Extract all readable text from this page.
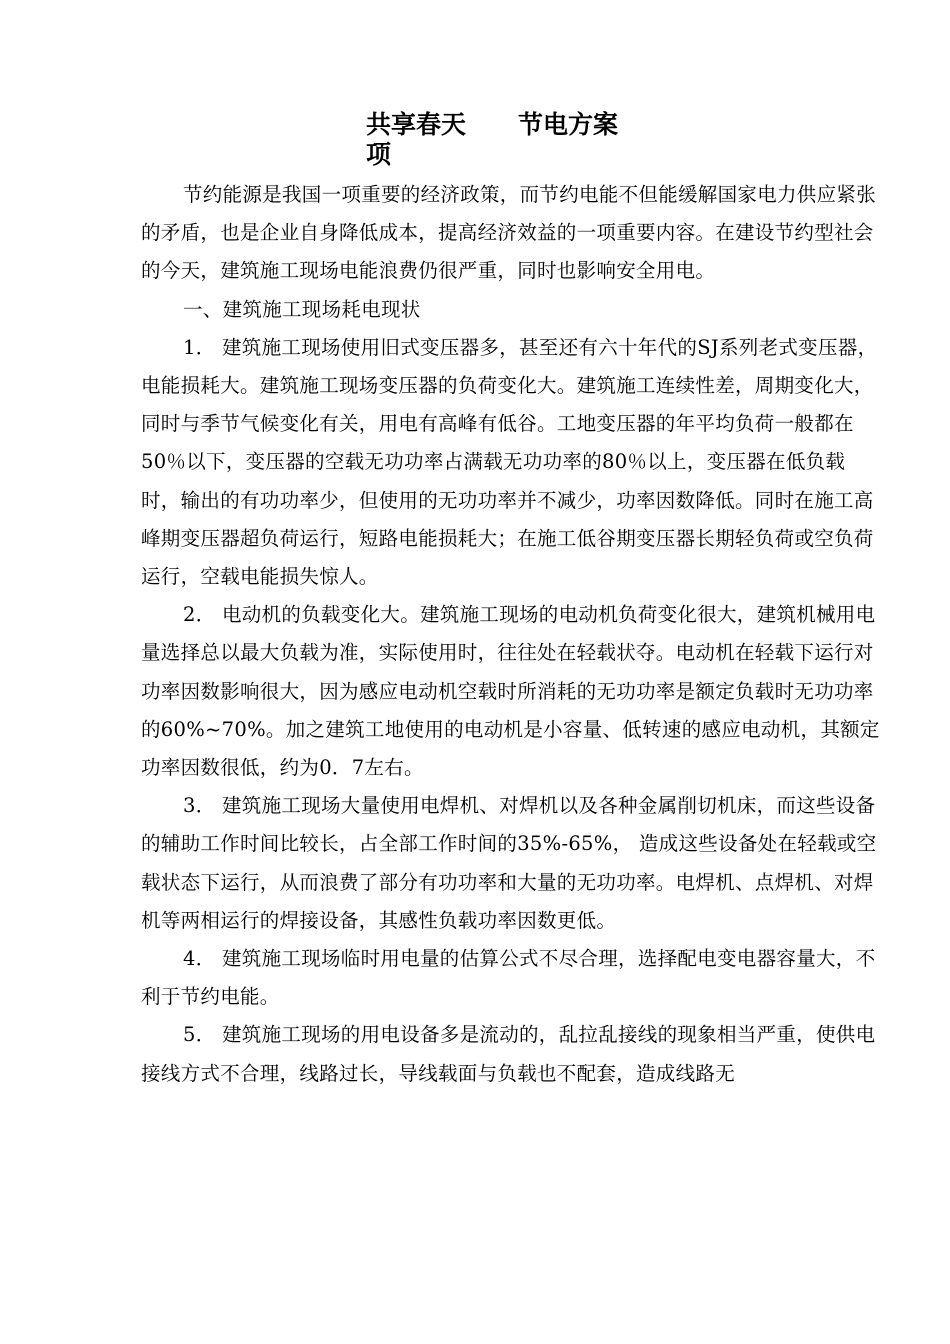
共享春天项
节电方案

节约能源是我国一项重要的经济政策，而节约电能不但能缓解国家电力供应紧张的矛盾，也是企业自身降低成本，提高经济效益的一项重要内容。在建设节约型社会的今天，建筑施工现场电能浪费仍很严重，同时也影响安全用电。

一、建筑施工现场耗电现状

1． 建筑施工现场使用旧式变压器多，甚至还有六十年代的SJ系列老式变压器，电能损耗大。建筑施工现场变压器的负荷变化大。建筑施工连续性差，周期变化大，同时与季节气候变化有关，用电有高峰有低谷。工地变压器的年平均负荷一般都在50％以下，变压器的空载无功功率占满载无功功率的80％以上，变压器在低负载时，输出的有功功率少，但使用的无功功率并不减少，功率因数降低。同时在施工高峰期变压器超负荷运行，短路电能损耗大；在施工低谷期变压器长期轻负荷或空负荷运行，空载电能损失惊人。

2． 电动机的负载变化大。建筑施工现场的电动机负荷变化很大，建筑机械用电量选择总以最大负载为准，实际使用时，往往处在轻载状夺。电动机在轻载下运行对功率因数影响很大，因为感应电动机空载时所消耗的无功功率是额定负载时无功功率的60%~70%。加之建筑工地使用的电动机是小容量、低转速的感应电动机，其额定功率因数很低，约为0．7左右。

3． 建筑施工现场大量使用电焊机、对焊机以及各种金属削切机床，而这些设备的辅助工作时间比较长，占全部工作时间的35%-65%， 造成这些设备处在轻载或空载状态下运行，从而浪费了部分有功功率和大量的无功功率。电焊机、点焊机、对焊机等两相运行的焊接设备，其感性负载功率因数更低。

4． 建筑施工现场临时用电量的估算公式不尽合理，选择配电变电器容量大，不利于节约电能。

5． 建筑施工现场的用电设备多是流动的，乱拉乱接线的现象相当严重，使供电接线方式不合理，线路过长，导线载面与负载也不配套，造成线路无
